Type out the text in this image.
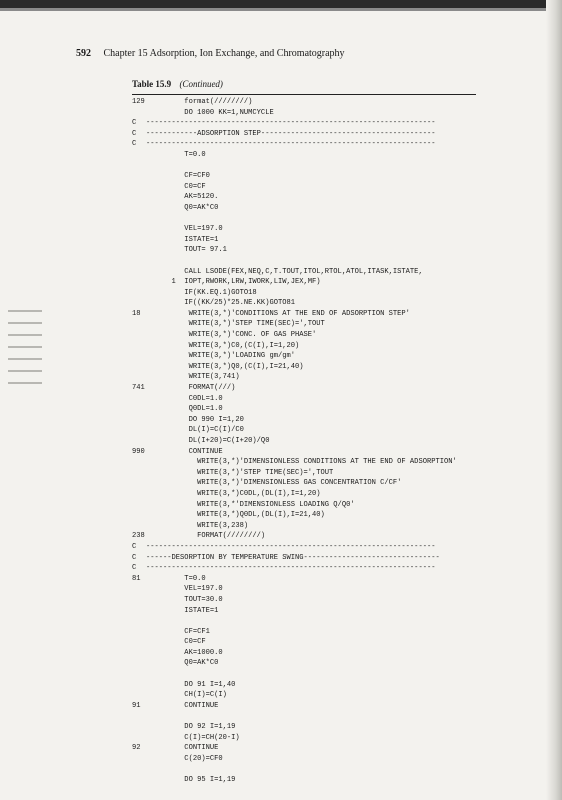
592 Chapter 15 Adsorption, Ion Exchange, and Chromatography
Table 15.9 (Continued)
129 format(////////)
DO 1000 KK=1,NUMCYCLE
C	--------------------------------------------------------------------
C	------------ADSORPTION STEP-----------------------------------------
C	--------------------------------------------------------------------
T=0.0
CF=CF0
C0=CF
AK=5120.
Q0=AK*C0
VEL=197.0
ISTATE=1
TOUT= 97.1
CALL LSODE(FEX,NEQ,C,T.TOUT,ITOL,RTOL,ATOL,ITASK,ISTATE,
1  IOPT,RWORK,LRW,IWORK,LIW,JEX,MF)
IF(KK.EQ.1)GOTO18
IF((KK/25)*25.NE.KK)GOTO81
18 WRITE(3,*)'CONDITIONS AT THE END OF ADSORPTION STEP'
WRITE(3,*)'STEP TIME(SEC)=',TOUT
WRITE(3,*)'CONC. OF GAS PHASE'
WRITE(3,*)C0,(C(I),I=1,20)
WRITE(3,*)'LOADING gm/gm'
WRITE(3,*)Q0,(C(I),I=21,40)
WRITE(3,741)
741 FORMAT(///)
C0DL=1.0
Q0DL=1.0
DO 990 I=1,20
DL(I)=C(I)/C0
DL(I+20)=C(I+20)/Q0
990 CONTINUE
WRITE(3,*)'DIMENSIONLESS CONDITIONS AT THE END OF ADSORPTION'
WRITE(3,*)'STEP TIME(SEC)=',TOUT
WRITE(3,*)'DIMENSIONLESS GAS CONCENTRATION C/CF'
WRITE(3,*)C0DL,(DL(I),I=1,20)
WRITE(3,*'DIMENSIONLESS LOADING Q/Q0'
WRITE(3,*)Q0DL,(DL(I),I=21,40)
WRITE(3,238)
238 FORMAT(////////)
C	--------------------------------------------------------------------
C	------DESORPTION BY TEMPERATURE SWING--------------------------------
C	--------------------------------------------------------------------
81 T=0.0
VEL=197.0
TOUT=30.0
ISTATE=1
CF=CF1
C0=CF
AK=1000.0
Q0=AK*C0
DO 91 I=1,40
CH(I)=C(I)
91 CONTINUE
DO 92 I=1,19
C(I)=CH(20-I)
92 CONTINUE
C(20)=CF0
DO 95 I=1,19
